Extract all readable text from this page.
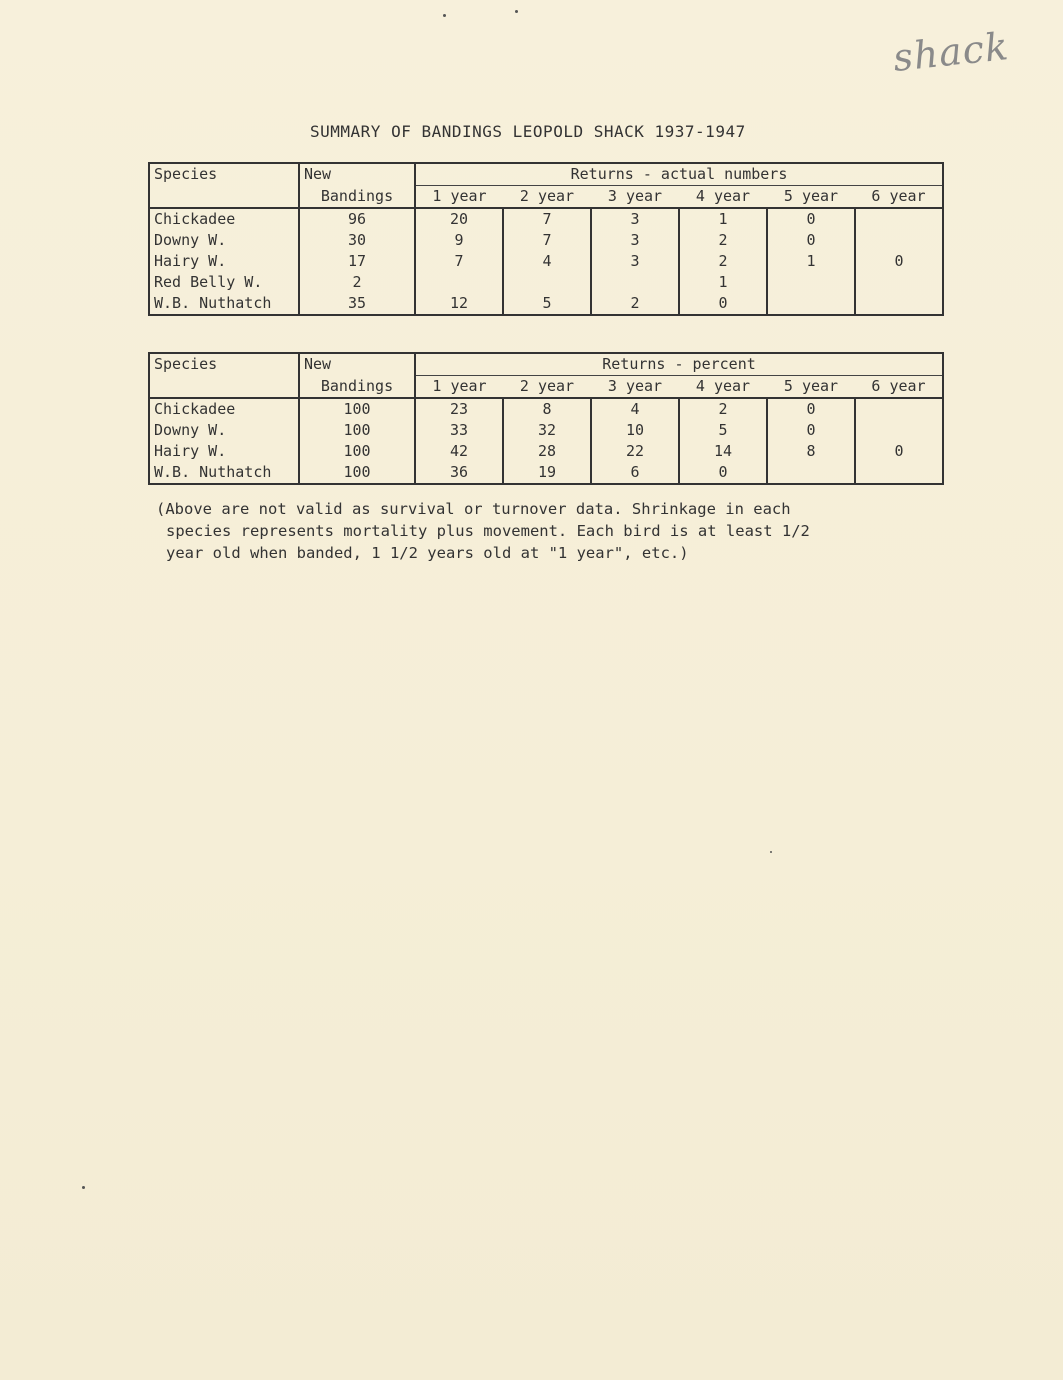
shack
SUMMARY OF BANDINGS LEOPOLD SHACK 1937-1947
Species	New	Returns - actual numbers					
	Bandings	1 year	2 year	3 year	4 year	5 year	6 year
Chickadee	96	20	7	3	1	0	
Downy W.	30	9	7	3	2	0	
Hairy W.	17	7	4	3	2	1	0
Red Belly W.	2				1		
W.B. Nuthatch	35	12	5	2	0		
Species	New	Returns - percent					
	Bandings	1 year	2 year	3 year	4 year	5 year	6 year
Chickadee	100	23	8	4	2	0	
Downy W.	100	33	32	10	5	0	
Hairy W.	100	42	28	22	14	8	0
W.B. Nuthatch	100	36	19	6	0		
(Above are not valid as survival or turnover data. Shrinkage in each
species represents mortality plus movement. Each bird is at least 1/2
year old when banded, 1 1/2 years old at "1 year", etc.)
